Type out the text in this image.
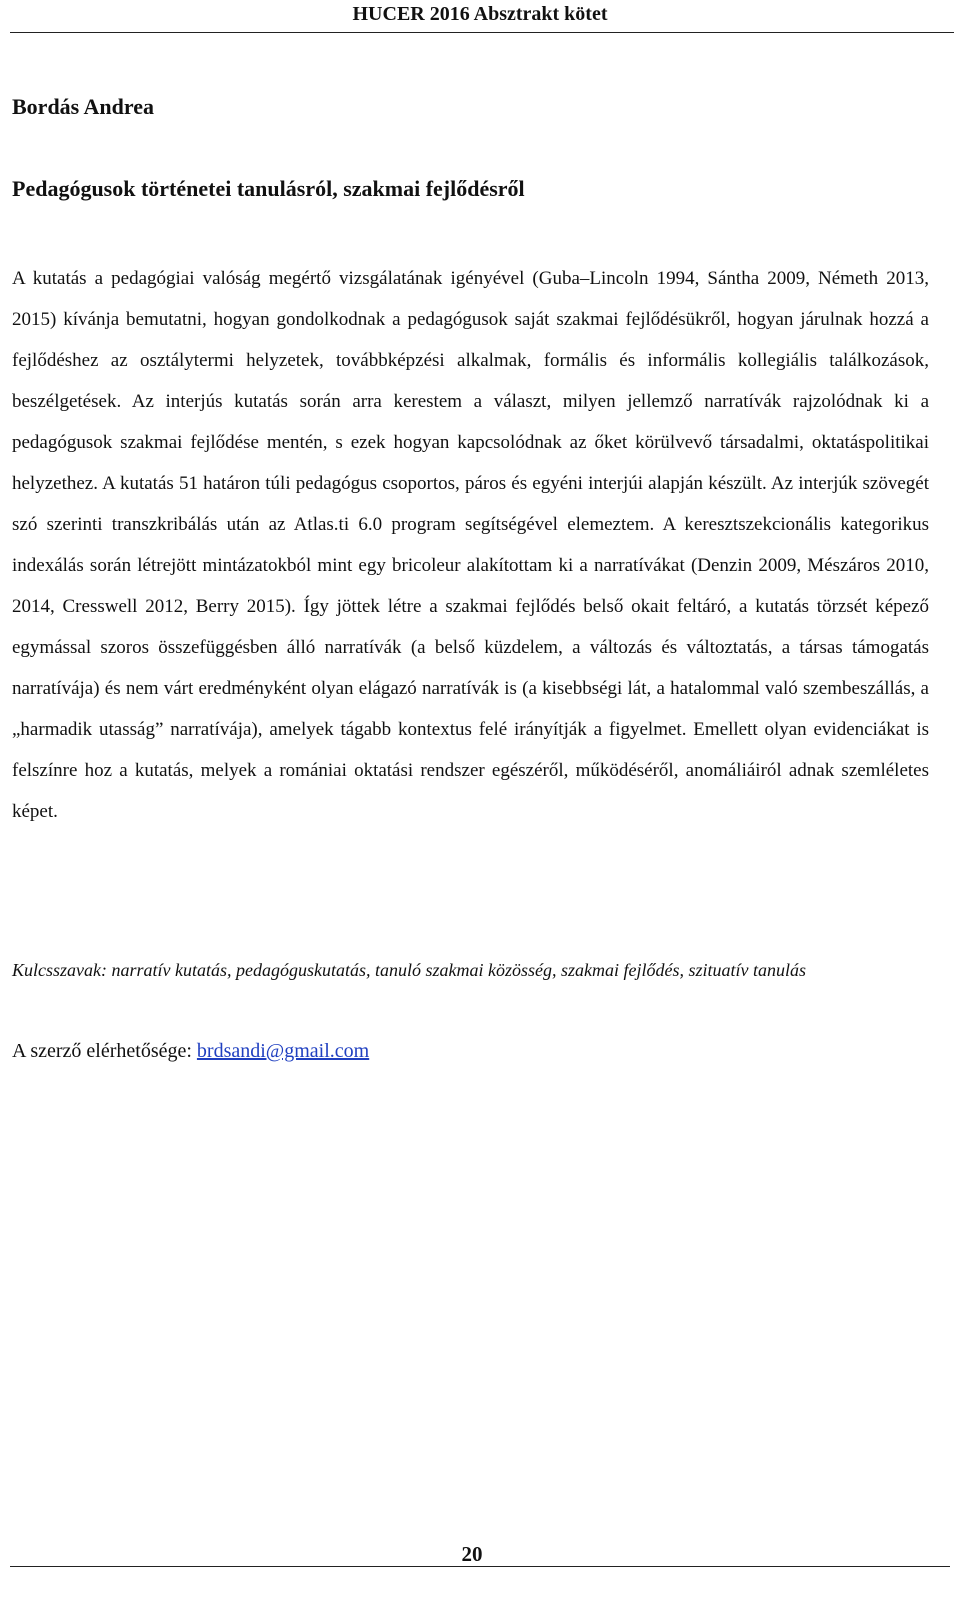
HUCER 2016 Absztrakt kötet
Bordás Andrea
Pedagógusok történetei tanulásról, szakmai fejlődésről

A kutatás a pedagógiai valóság megértő vizsgálatának igényével (Guba–Lincoln 1994, Sántha 2009, Németh 2013, 2015) kívánja bemutatni, hogyan gondolkodnak a pedagógusok saját szakmai fejlődésükről, hogyan járulnak hozzá a fejlődéshez az osztálytermi helyzetek, továbbképzési alkalmak, formális és informális kollegiális találkozások, beszélgetések. Az interjús kutatás során arra kerestem a választ, milyen jellemző narratívák rajzolódnak ki a pedagógusok szakmai fejlődése mentén, s ezek hogyan kapcsolódnak az őket körülvevő társadalmi, oktatáspolitikai helyzethez. A kutatás 51 határon túli pedagógus csoportos, páros és egyéni interjúi alapján készült. Az interjúk szövegét szó szerinti transzkribálás után az Atlas.ti 6.0 program segítségével elemeztem. A keresztszekcionális kategorikus indexálás során létrejött mintázatokból mint egy bricoleur alakítottam ki a narratívákat (Denzin 2009, Mészáros 2010, 2014, Cresswell 2012, Berry 2015). Így jöttek létre a szakmai fejlődés belső okait feltáró, a kutatás törzsét képező egymással szoros összefüggésben álló narratívák (a belső küzdelem, a változás és változtatás, a társas támogatás narratívája) és nem várt eredményként olyan elágazó narratívák is (a kisebbségi lát, a hatalommal való szembeszállás, a „harmadik utasság” narratívája), amelyek tágabb kontextus felé irányítják a figyelmet. Emellett olyan evidenciákat is felszínre hoz a kutatás, melyek a romániai oktatási rendszer egészéről, működéséről, anomáliáiról adnak szemléletes képet.

Kulcsszavak: narratív kutatás, pedagóguskutatás, tanuló szakmai közösség, szakmai fejlődés, szituatív tanulás

A szerző elérhetősége: brdsandi@gmail.com

20
